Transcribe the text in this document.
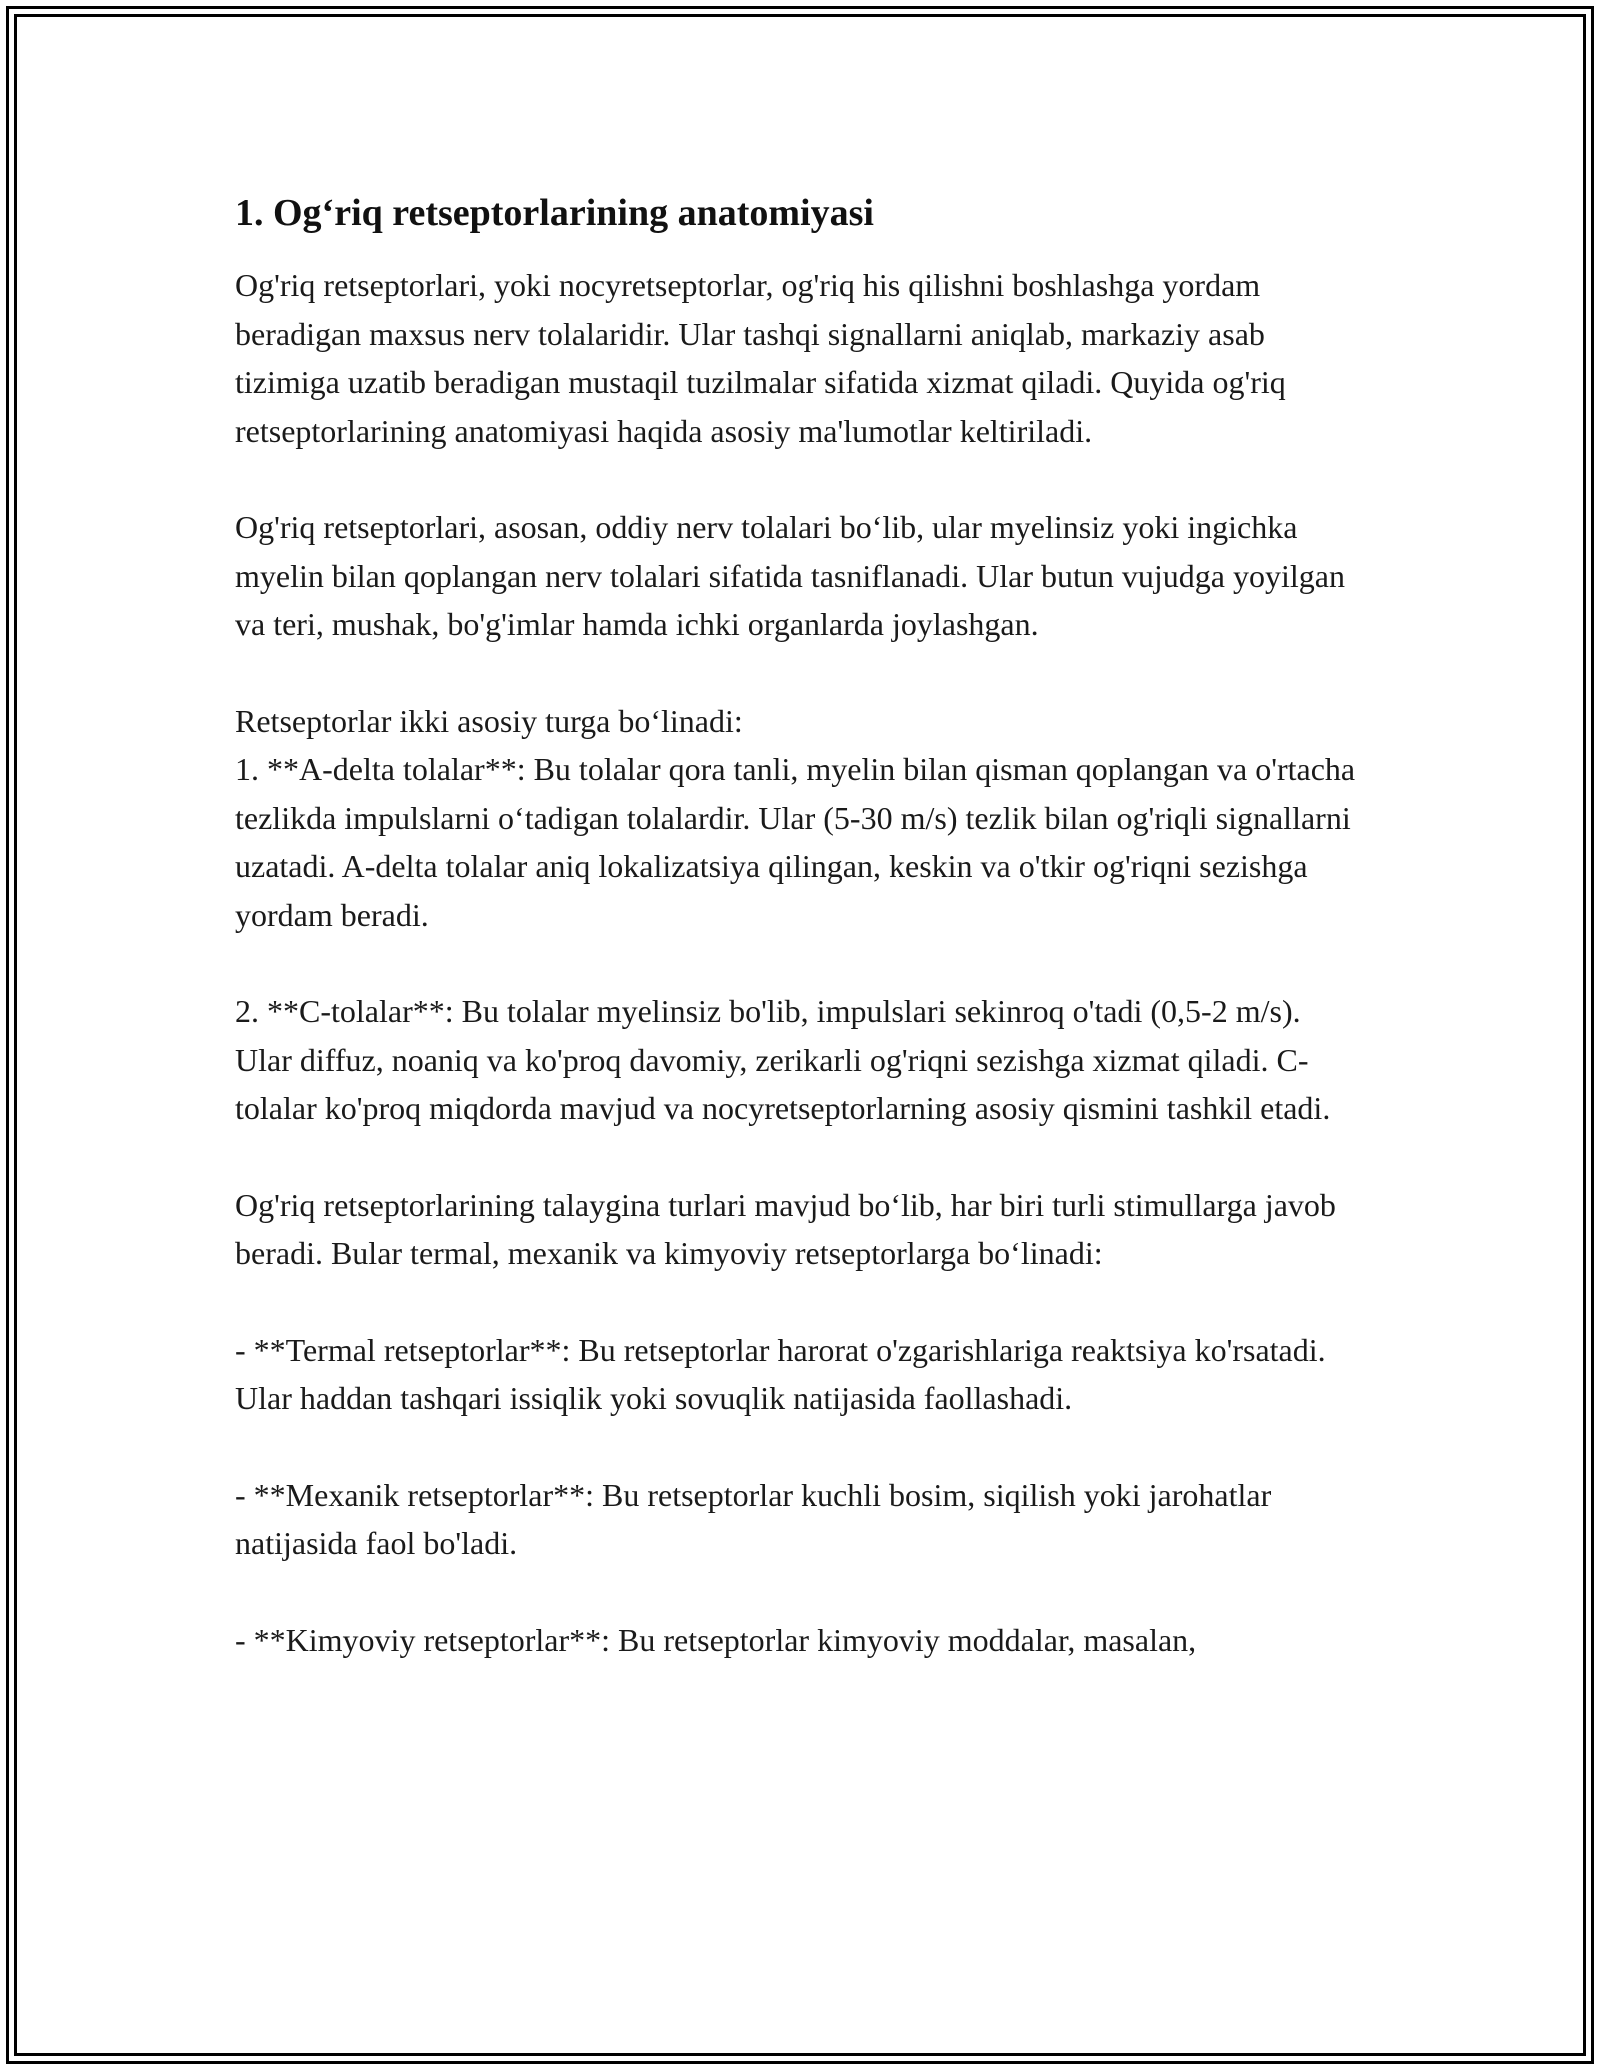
1. Og‘riq retseptorlarining anatomiyasi

Og'riq retseptorlari, yoki nocyretseptorlar, og'riq his qilishni boshlashga yordam beradigan maxsus nerv tolalaridir. Ular tashqi signallarni aniqlab, markaziy asab tizimiga uzatib beradigan mustaqil tuzilmalar sifatida xizmat qiladi. Quyida og'riq retseptorlarining anatomiyasi haqida asosiy ma'lumotlar keltiriladi.

Og'riq retseptorlari, asosan, oddiy nerv tolalari bo‘lib, ular myelinsiz yoki ingichka myelin bilan qoplangan nerv tolalari sifatida tasniflanadi. Ular butun vujudga yoyilgan va teri, mushak, bo'g'imlar hamda ichki organlarda joylashgan.

Retseptorlar ikki asosiy turga bo‘linadi:

1. **A-delta tolalar**: Bu tolalar qora tanli, myelin bilan qisman qoplangan va o'rtacha tezlikda impulslarni o‘tadigan tolalardir. Ular (5-30 m/s) tezlik bilan og'riqli signallarni uzatadi. A-delta tolalar aniq lokalizatsiya qilingan, keskin va o'tkir og'riqni sezishga yordam beradi.

2. **C-tolalar**: Bu tolalar myelinsiz bo'lib, impulslari sekinroq o'tadi (0,5-2 m/s). Ular diffuz, noaniq va ko'proq davomiy, zerikarli og'riqni sezishga xizmat qiladi. C-tolalar ko'proq miqdorda mavjud va nocyretseptorlarning asosiy qismini tashkil etadi.

Og'riq retseptorlarining talaygina turlari mavjud bo‘lib, har biri turli stimullarga javob beradi. Bular termal, mexanik va kimyoviy retseptorlarga bo‘linadi:

- **Termal retseptorlar**: Bu retseptorlar harorat o'zgarishlariga reaktsiya ko'rsatadi. Ular haddan tashqari issiqlik yoki sovuqlik natijasida faollashadi.

- **Mexanik retseptorlar**: Bu retseptorlar kuchli bosim, siqilish yoki jarohatlar natijasida faol bo'ladi.

- **Kimyoviy retseptorlar**: Bu retseptorlar kimyoviy moddalar, masalan,
